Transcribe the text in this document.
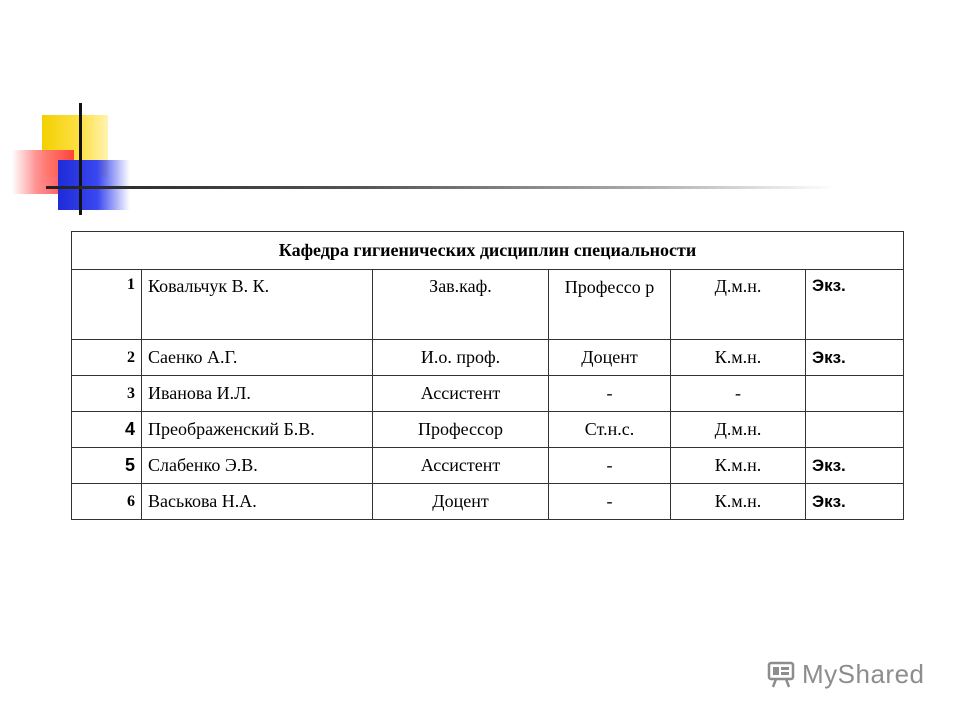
Кафедра гигиенических дисциплин специальности					
1	Ковальчук В. К.	Зав.каф.	Профессо р	Д.м.н.	Экз.
2	Саенко А.Г.	И.о. проф.	Доцент	К.м.н.	Экз.
3	Иванова И.Л.	Ассистент	-	-	
4	Преображенский Б.В.	Профессор	Ст.н.с.	Д.м.н.	
5	Слабенко Э.В.	Ассистент	-	К.м.н.	Экз.
6	Васькова Н.А.	Доцент	-	К.м.н.	Экз.
MyShared
